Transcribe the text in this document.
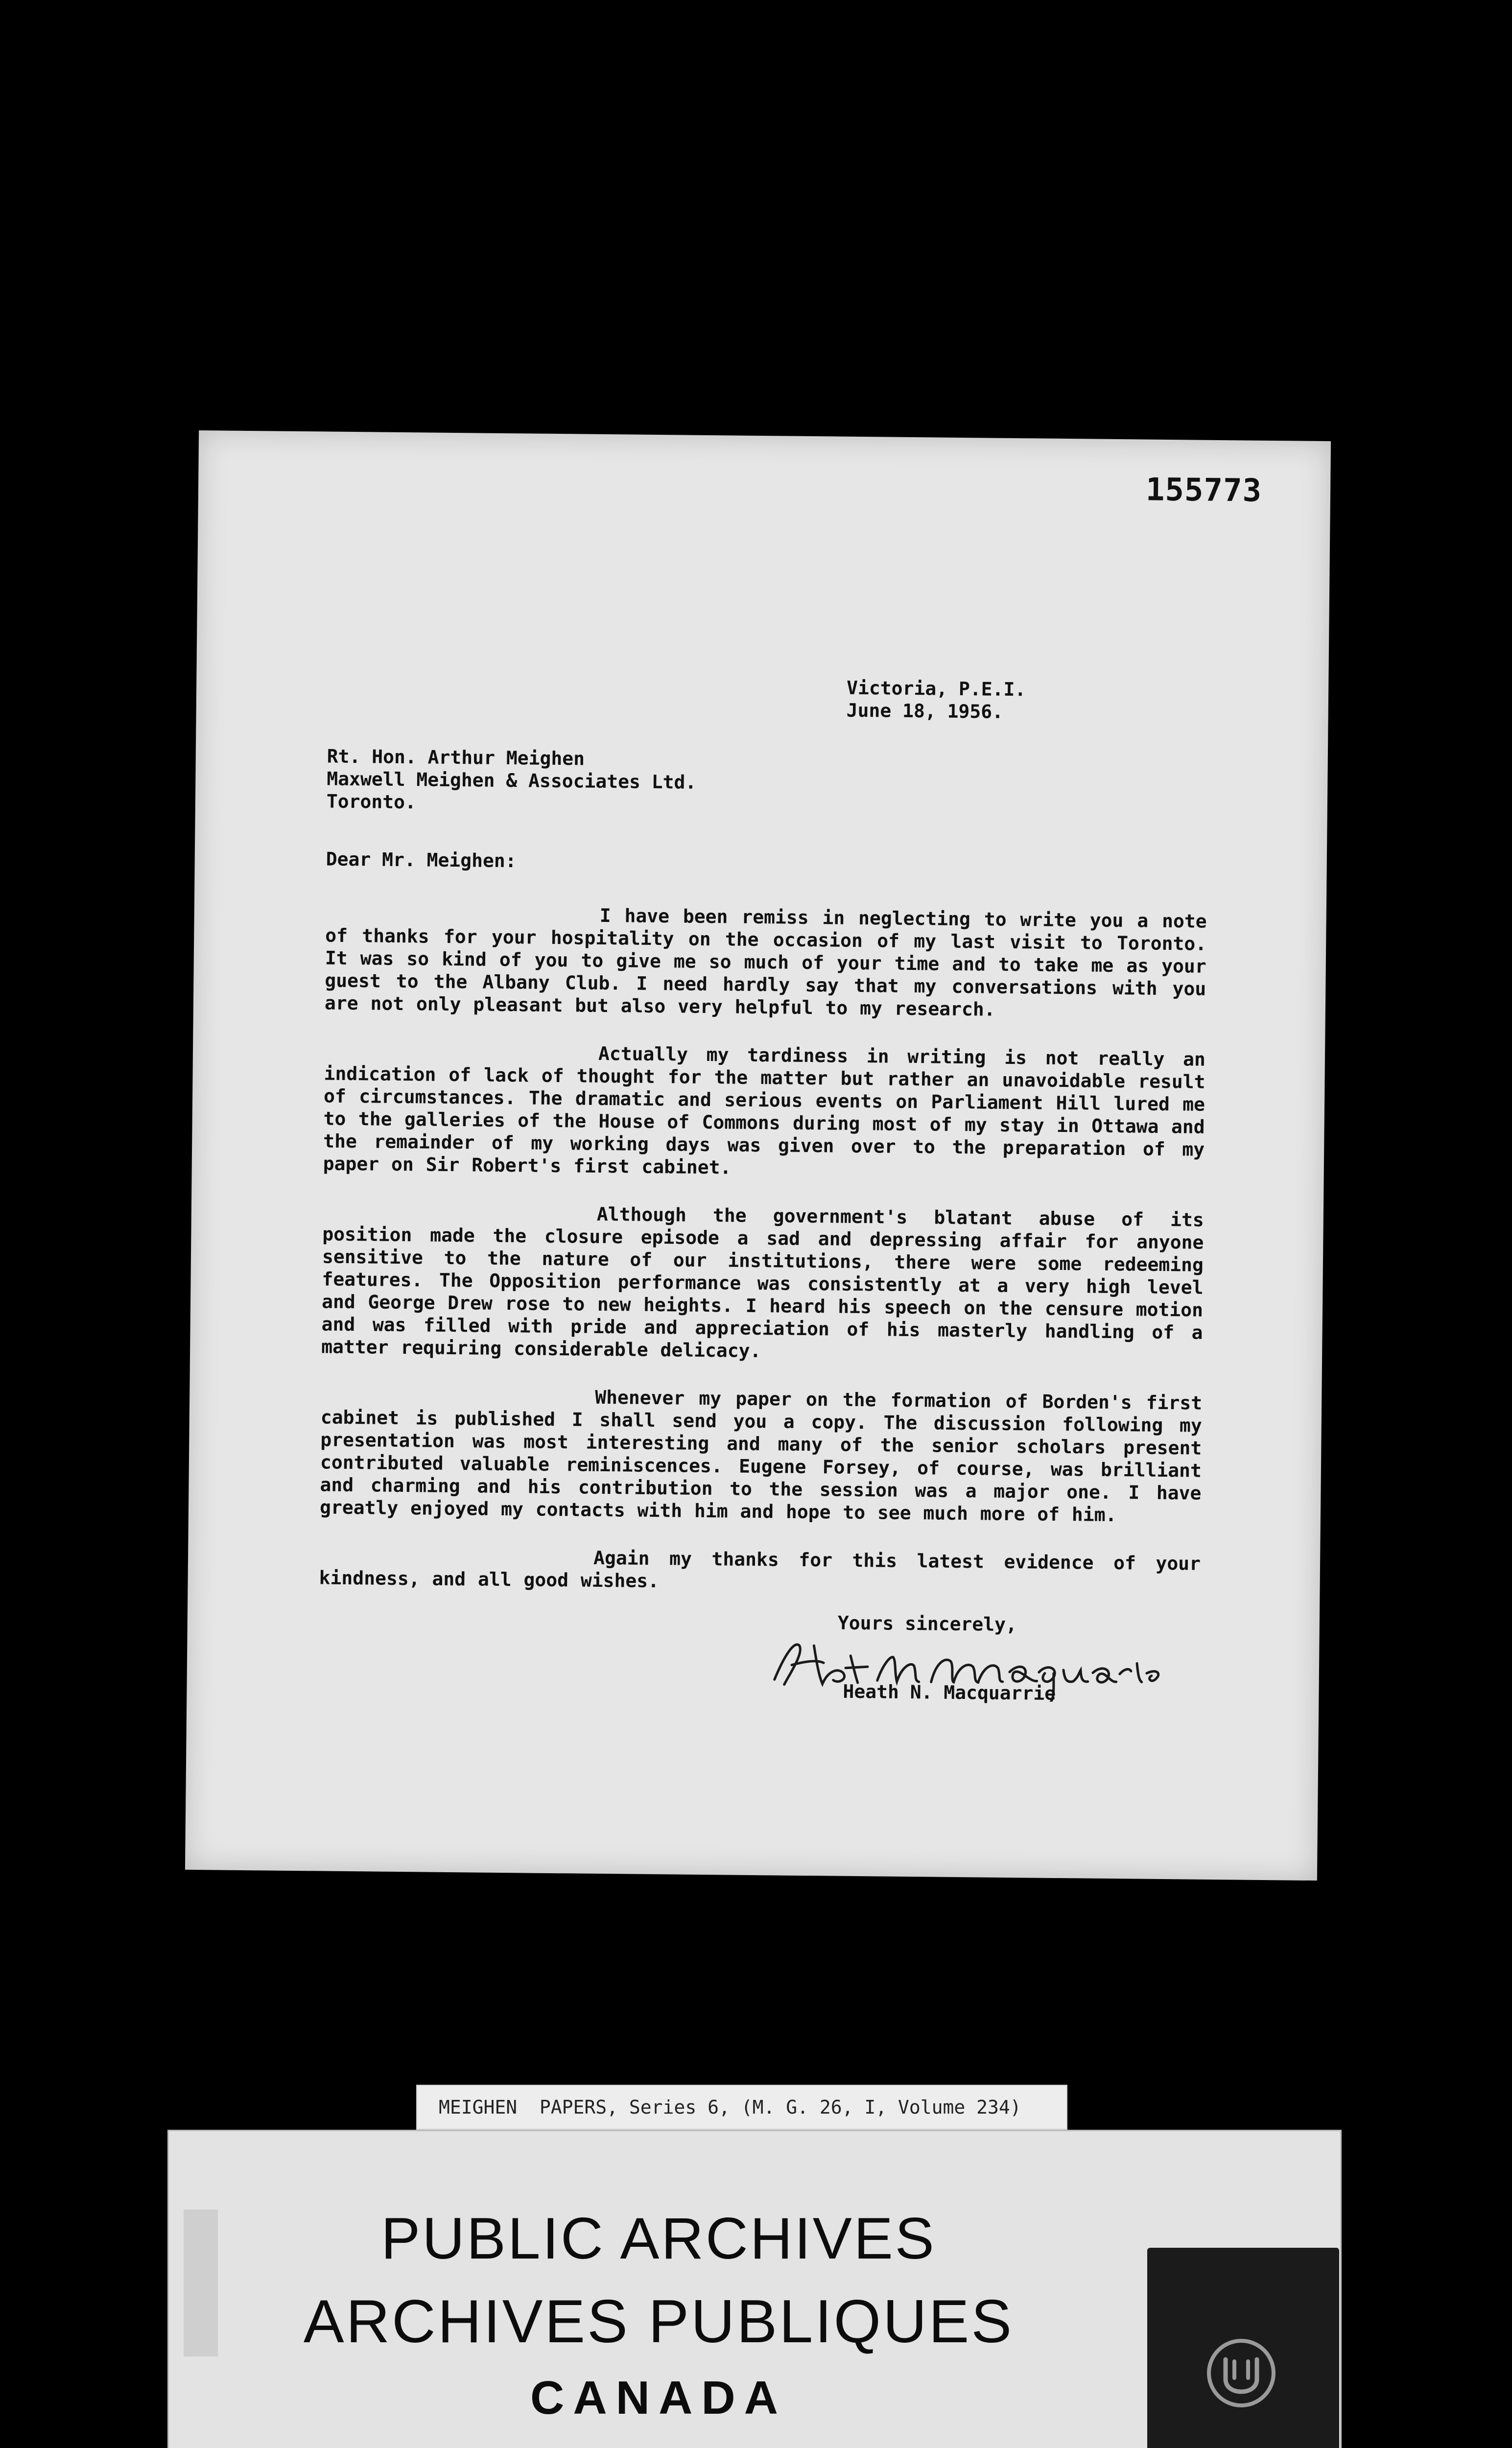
155773
Victoria, P.E.I.
June 18, 1956.
Rt. Hon. Arthur Meighen
Maxwell Meighen & Associates Ltd.
Toronto.
Dear Mr. Meighen:

I have been remiss in neglecting to write you a note of thanks for your hospitality on the occasion of my last visit to Toronto. It was so kind of you to give me so much of your time and to take me as your guest to the Albany Club. I need hardly say that my conversations with you are not only pleasant but also very helpful to my research.

Actually my tardiness in writing is not really an indication of lack of thought for the matter but rather an unavoidable result of circumstances. The dramatic and serious events on Parliament Hill lured me to the galleries of the House of Commons during most of my stay in Ottawa and the remainder of my working days was given over to the preparation of my paper on Sir Robert's first cabinet.

Although the government's blatant abuse of its position made the closure episode a sad and depressing affair for anyone sensitive to the nature of our institutions, there were some redeeming features. The Opposition performance was consistently at a very high level and George Drew rose to new heights. I heard his speech on the censure motion and was filled with pride and appreciation of his masterly handling of a matter requiring considerable delicacy.

Whenever my paper on the formation of Borden's first cabinet is published I shall send you a copy. The discussion following my presentation was most interesting and many of the senior scholars present contributed valuable reminiscences. Eugene Forsey, of course, was brilliant and charming and his contribution to the session was a major one. I have greatly enjoyed my contacts with him and hope to see much more of him.

Again my thanks for this latest evidence of your kindness, and all good wishes.

Yours sincerely,
Heath N. Macquarrie
MEIGHEN  PAPERS, Series 6, (M. G. 26, I, Volume 234)
PUBLIC ARCHIVES
ARCHIVES PUBLIQUES
CANADA
